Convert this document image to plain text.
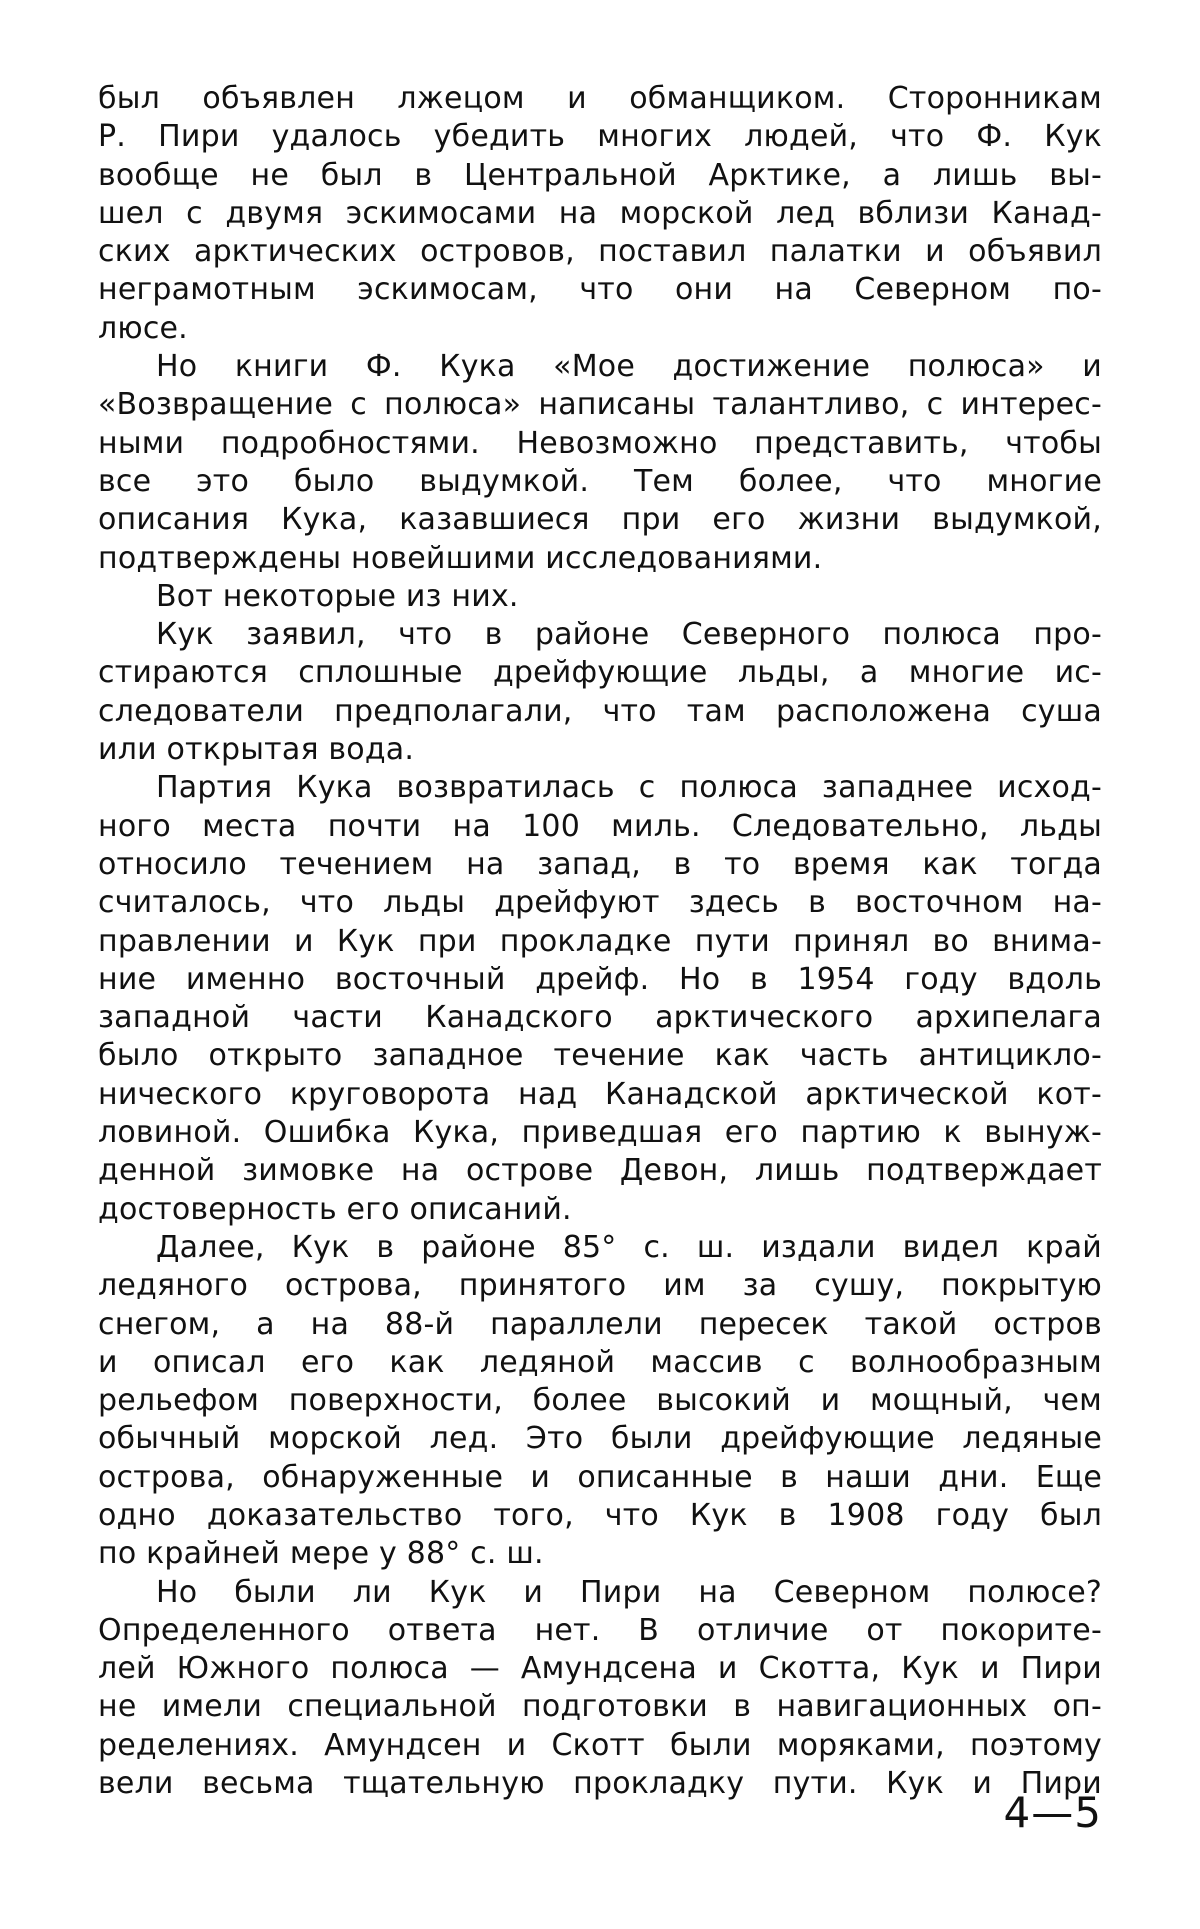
был объявлен лжецом и обманщиком. Сторонникам
Р. Пири удалось убедить многих людей, что Ф. Кук
вообще не был в Центральной Арктике, а лишь вы-
шел с двумя эскимосами на морской лед вблизи Канад-
ских арктических островов, поставил палатки и объявил
неграмотным эскимосам, что они на Северном по-
люсе.
Но книги Ф. Кука «Мое достижение полюса» и
«Возвращение с полюса» написаны талантливо, с интерес-
ными подробностями. Невозможно представить, чтобы
все это было выдумкой. Тем более, что многие
описания Кука, казавшиеся при его жизни выдумкой,
подтверждены новейшими исследованиями.
Вот некоторые из них.
Кук заявил, что в районе Северного полюса про-
стираются сплошные дрейфующие льды, а многие ис-
следователи предполагали, что там расположена суша
или открытая вода.
Партия Кука возвратилась с полюса западнее исход-
ного места почти на 100 миль. Следовательно, льды
относило течением на запад, в то время как тогда
считалось, что льды дрейфуют здесь в восточном на-
правлении и Кук при прокладке пути принял во внима-
ние именно восточный дрейф. Но в 1954 году вдоль
западной части Канадского арктического архипелага
было открыто западное течение как часть антицикло-
нического круговорота над Канадской арктической кот-
ловиной. Ошибка Кука, приведшая его партию к вынуж-
денной зимовке на острове Девон, лишь подтверждает
достоверность его описаний.
Далее, Кук в районе 85° с. ш. издали видел край
ледяного острова, принятого им за сушу, покрытую
снегом, а на 88-й параллели пересек такой остров
и описал его как ледяной массив с волнообразным
рельефом поверхности, более высокий и мощный, чем
обычный морской лед. Это были дрейфующие ледяные
острова, обнаруженные и описанные в наши дни. Еще
одно доказательство того, что Кук в 1908 году был
по крайней мере у 88° с. ш.
Но были ли Кук и Пири на Северном полюсе?
Определенного ответа нет. В отличие от покорите-
лей Южного полюса — Амундсена и Скотта, Кук и Пири
не имели специальной подготовки в навигационных оп-
ределениях. Амундсен и Скотт были моряками, поэтому
вели весьма тщательную прокладку пути. Кук и Пири
4—5
